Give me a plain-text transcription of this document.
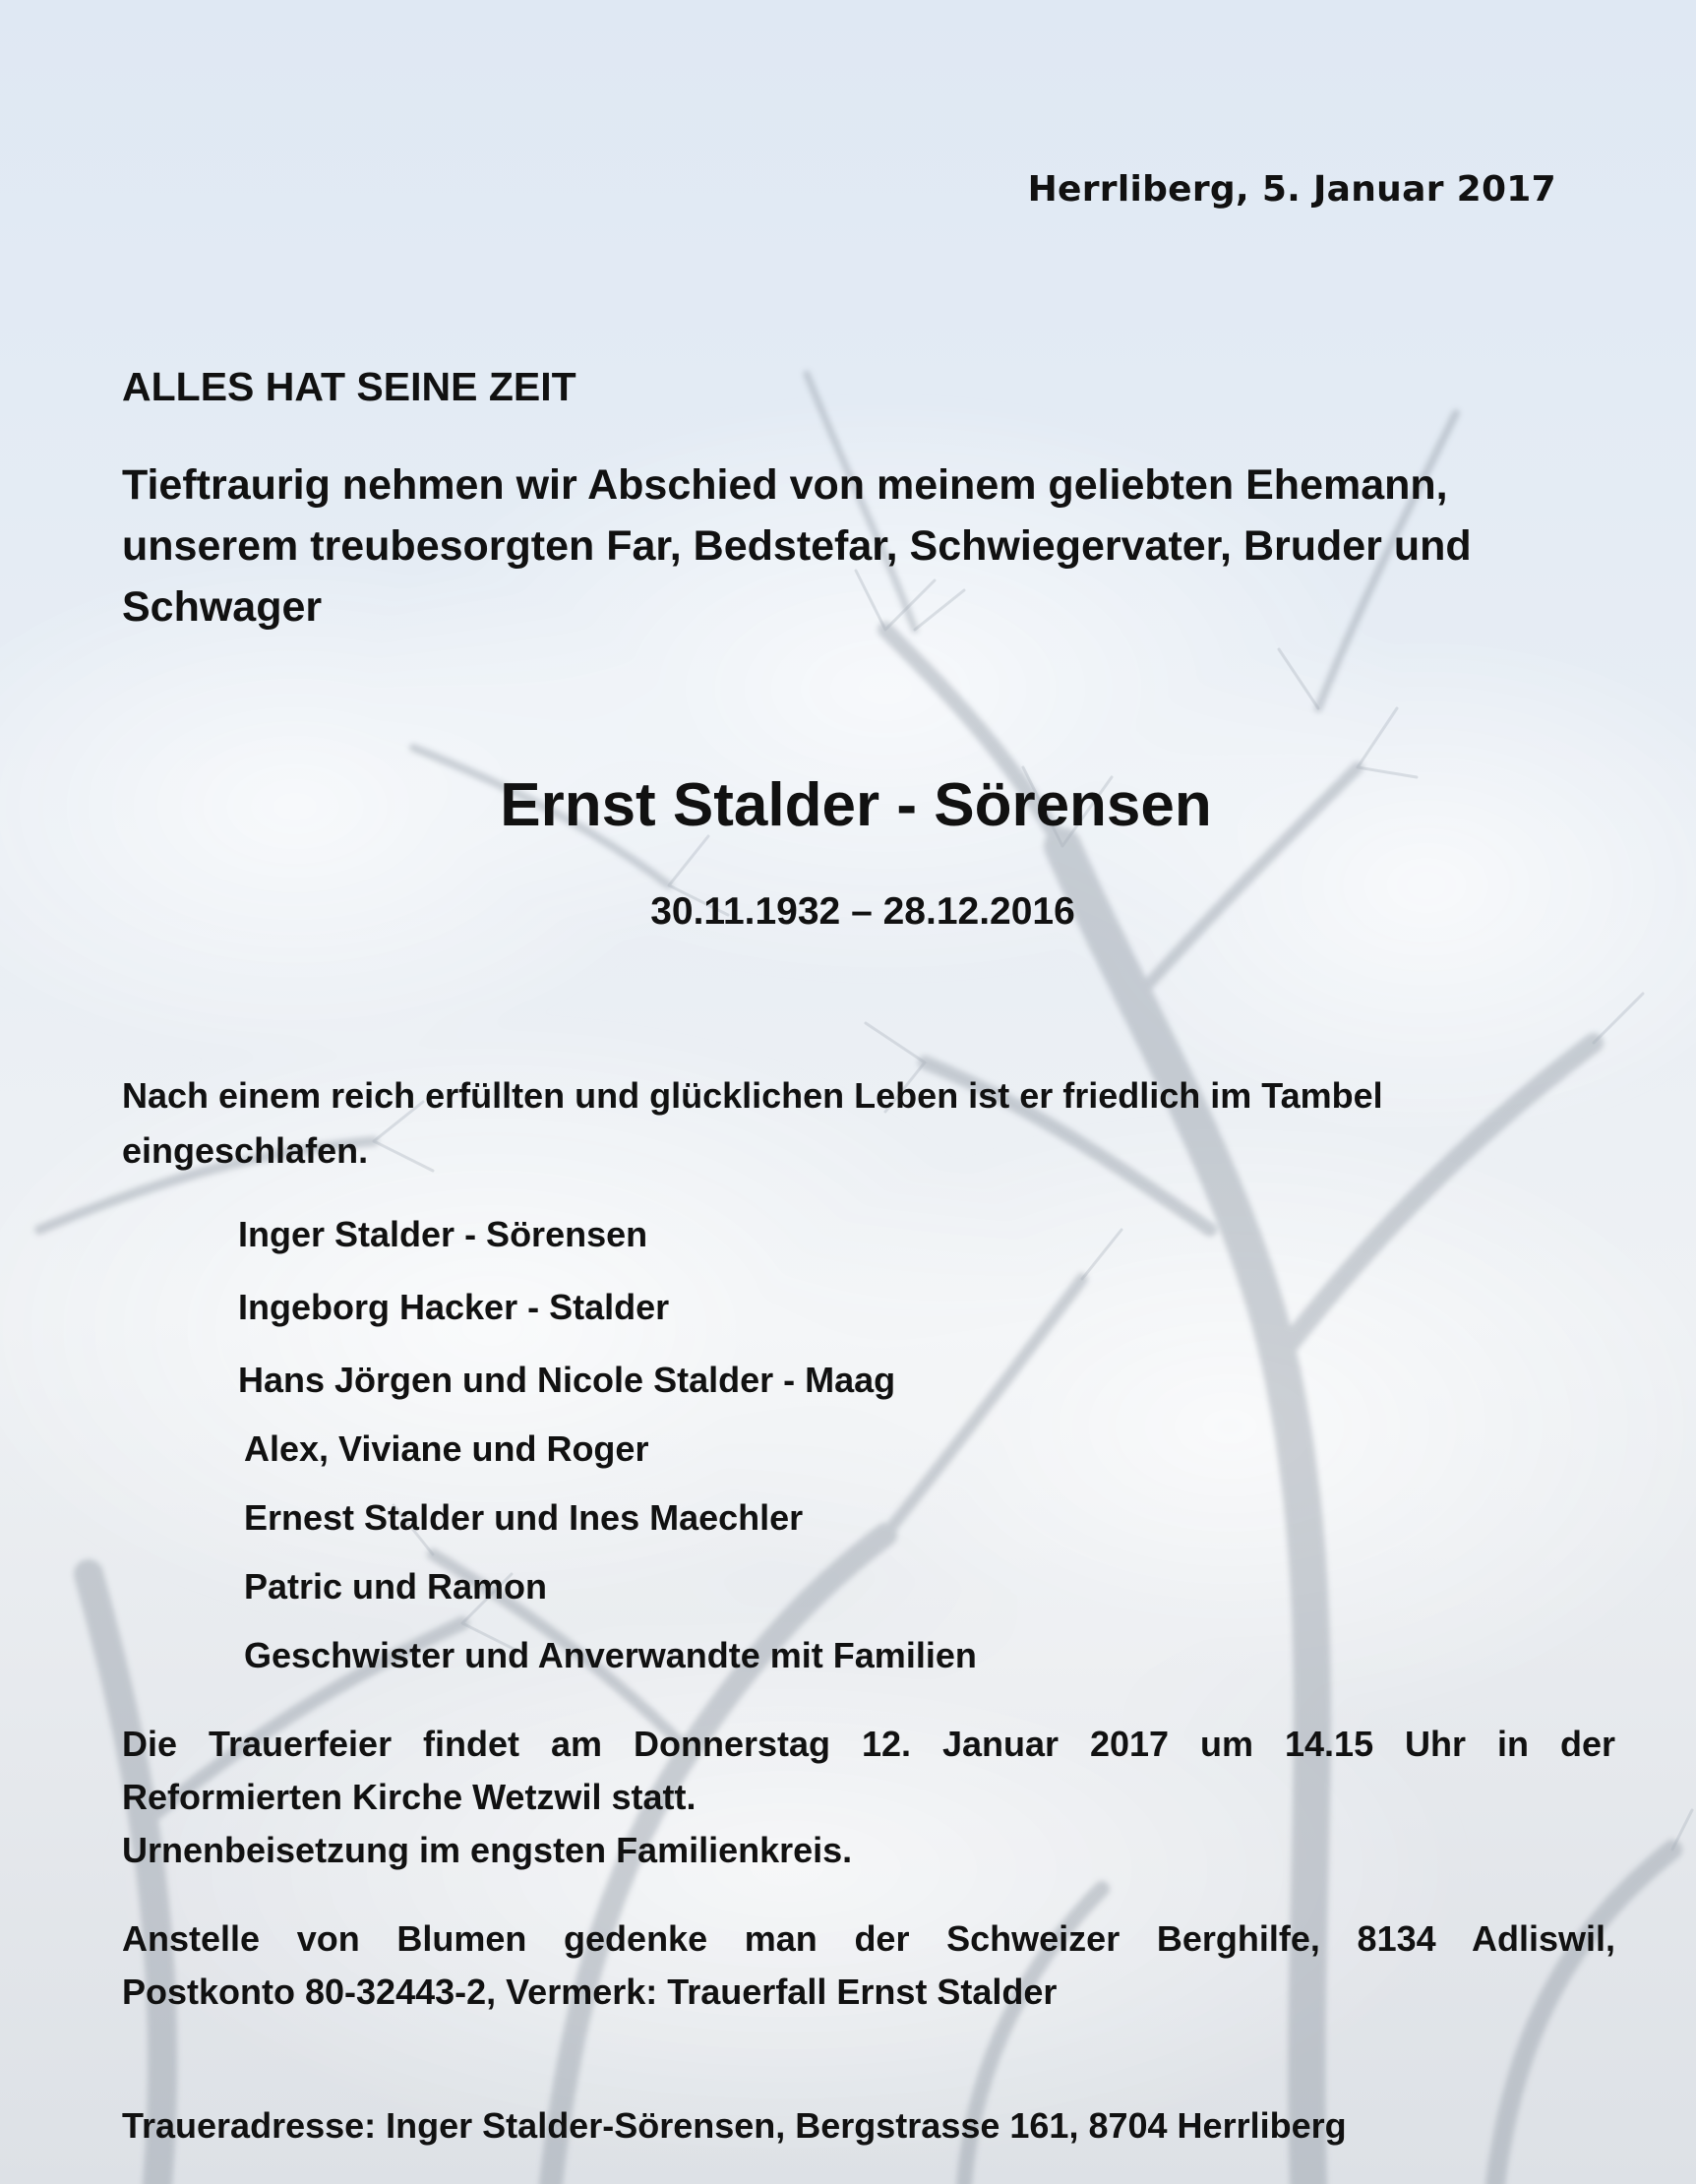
Herrliberg, 5. Januar 2017
ALLES HAT SEINE ZEIT
Tieftraurig nehmen wir Abschied von meinem geliebten Ehemann, unserem treubesorgten Far, Bedstefar, Schwiegervater, Bruder und Schwager
Ernst Stalder - Sörensen
30.11.1932 – 28.12.2016
Nach einem reich erfüllten und glücklichen Leben ist er friedlich im Tambel eingeschlafen.
Inger Stalder - Sörensen
Ingeborg Hacker - Stalder
Hans Jörgen und Nicole Stalder - Maag
Alex, Viviane und Roger
Ernest Stalder und Ines Maechler
Patric und Ramon
Geschwister und Anverwandte mit Familien
Die Trauerfeier findet am Donnerstag 12. Januar 2017 um 14.15 Uhr in der
Reformierten Kirche Wetzwil statt.
Urnenbeisetzung im engsten Familienkreis.
Anstelle von Blumen gedenke man der Schweizer Berghilfe, 8134 Adliswil,
Postkonto 80-32443-2, Vermerk: Trauerfall Ernst Stalder
Traueradresse: Inger Stalder-Sörensen, Bergstrasse 161, 8704 Herrliberg
